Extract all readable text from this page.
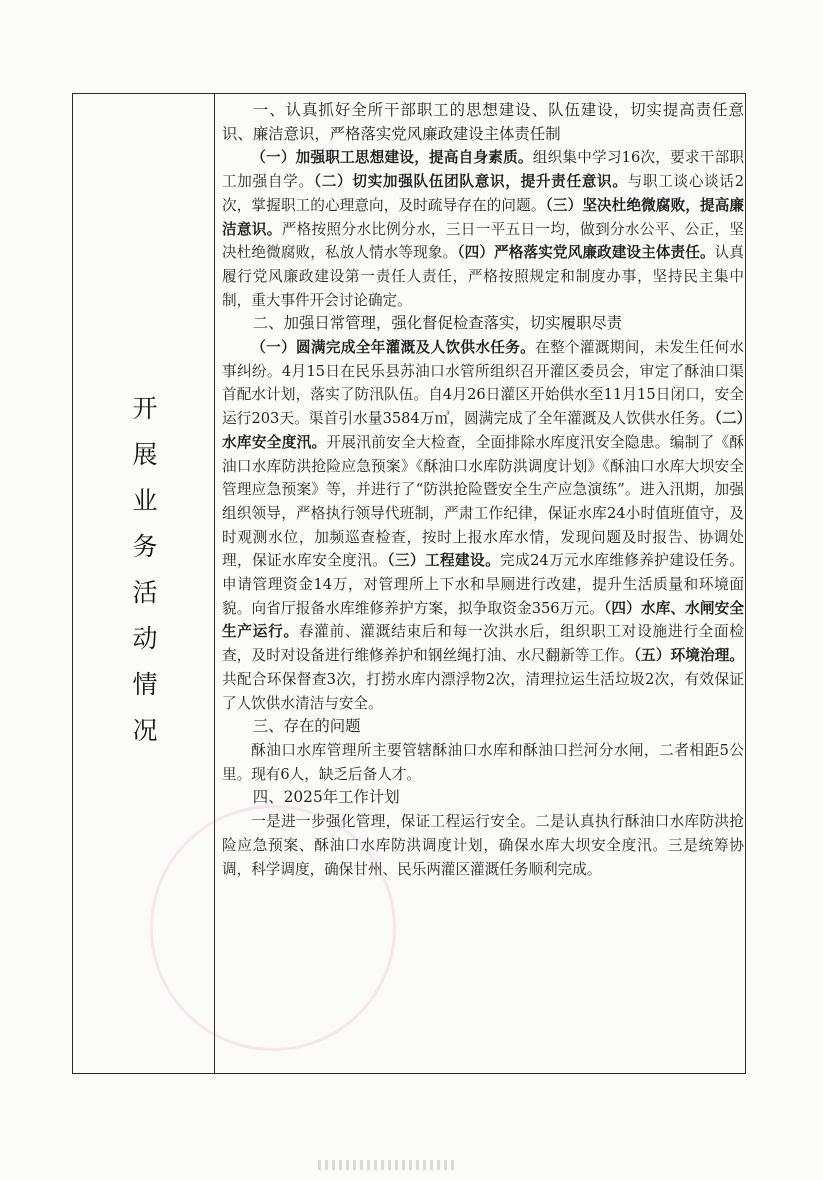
开展业务活动情况

一、认真抓好全所干部职工的思想建设、队伍建设，切实提高责任意识、廉洁意识，严格落实党风廉政建设主体责任制

（一）加强职工思想建设，提高自身素质。组织集中学习16次，要求干部职工加强自学。（二）切实加强队伍团队意识，提升责任意识。与职工谈心谈话2次，掌握职工的心理意向，及时疏导存在的问题。（三）坚决杜绝微腐败，提高廉洁意识。严格按照分水比例分水，三日一平五日一均，做到分水公平、公正，坚决杜绝微腐败，私放人情水等现象。（四）严格落实党风廉政建设主体责任。认真履行党风廉政建设第一责任人责任，严格按照规定和制度办事，坚持民主集中制，重大事件开会讨论确定。

二、加强日常管理，强化督促检查落实，切实履职尽责

（一）圆满完成全年灌溉及人饮供水任务。在整个灌溉期间，未发生任何水事纠纷。4月15日在民乐县苏油口水管所组织召开灌区委员会，审定了酥油口渠首配水计划，落实了防汛队伍。自4月26日灌区开始供水至11月15日闭口，安全运行203天。渠首引水量3584万㎥，圆满完成了全年灌溉及人饮供水任务。（二）水库安全度汛。开展汛前安全大检查，全面排除水库度汛安全隐患。编制了《酥油口水库防洪抢险应急预案》《酥油口水库防洪调度计划》《酥油口水库大坝安全管理应急预案》等，并进行了“防洪抢险暨安全生产应急演练”。进入汛期，加强组织领导，严格执行领导代班制，严肃工作纪律，保证水库24小时值班值守，及时观测水位，加频巡查检查，按时上报水库水情，发现问题及时报告、协调处理，保证水库安全度汛。（三）工程建设。完成24万元水库维修养护建设任务。申请管理资金14万，对管理所上下水和旱厕进行改建，提升生活质量和环境面貌。向省厅报备水库维修养护方案，拟争取资金356万元。（四）水库、水闸安全生产运行。春灌前、灌溉结束后和每一次洪水后，组织职工对设施进行全面检查，及时对设备进行维修养护和钢丝绳打油、水尺翻新等工作。（五）环境治理。共配合环保督查3次，打捞水库内漂浮物2次，清理拉运生活垃圾2次，有效保证了人饮供水清洁与安全。

三、存在的问题

酥油口水库管理所主要管辖酥油口水库和酥油口拦河分水闸，二者相距5公里。现有6人，缺乏后备人才。

四、2025年工作计划

一是进一步强化管理，保证工程运行安全。二是认真执行酥油口水库防洪抢险应急预案、酥油口水库防洪调度计划，确保水库大坝安全度汛。三是统筹协调，科学调度，确保甘州、民乐两灌区灌溉任务顺利完成。
